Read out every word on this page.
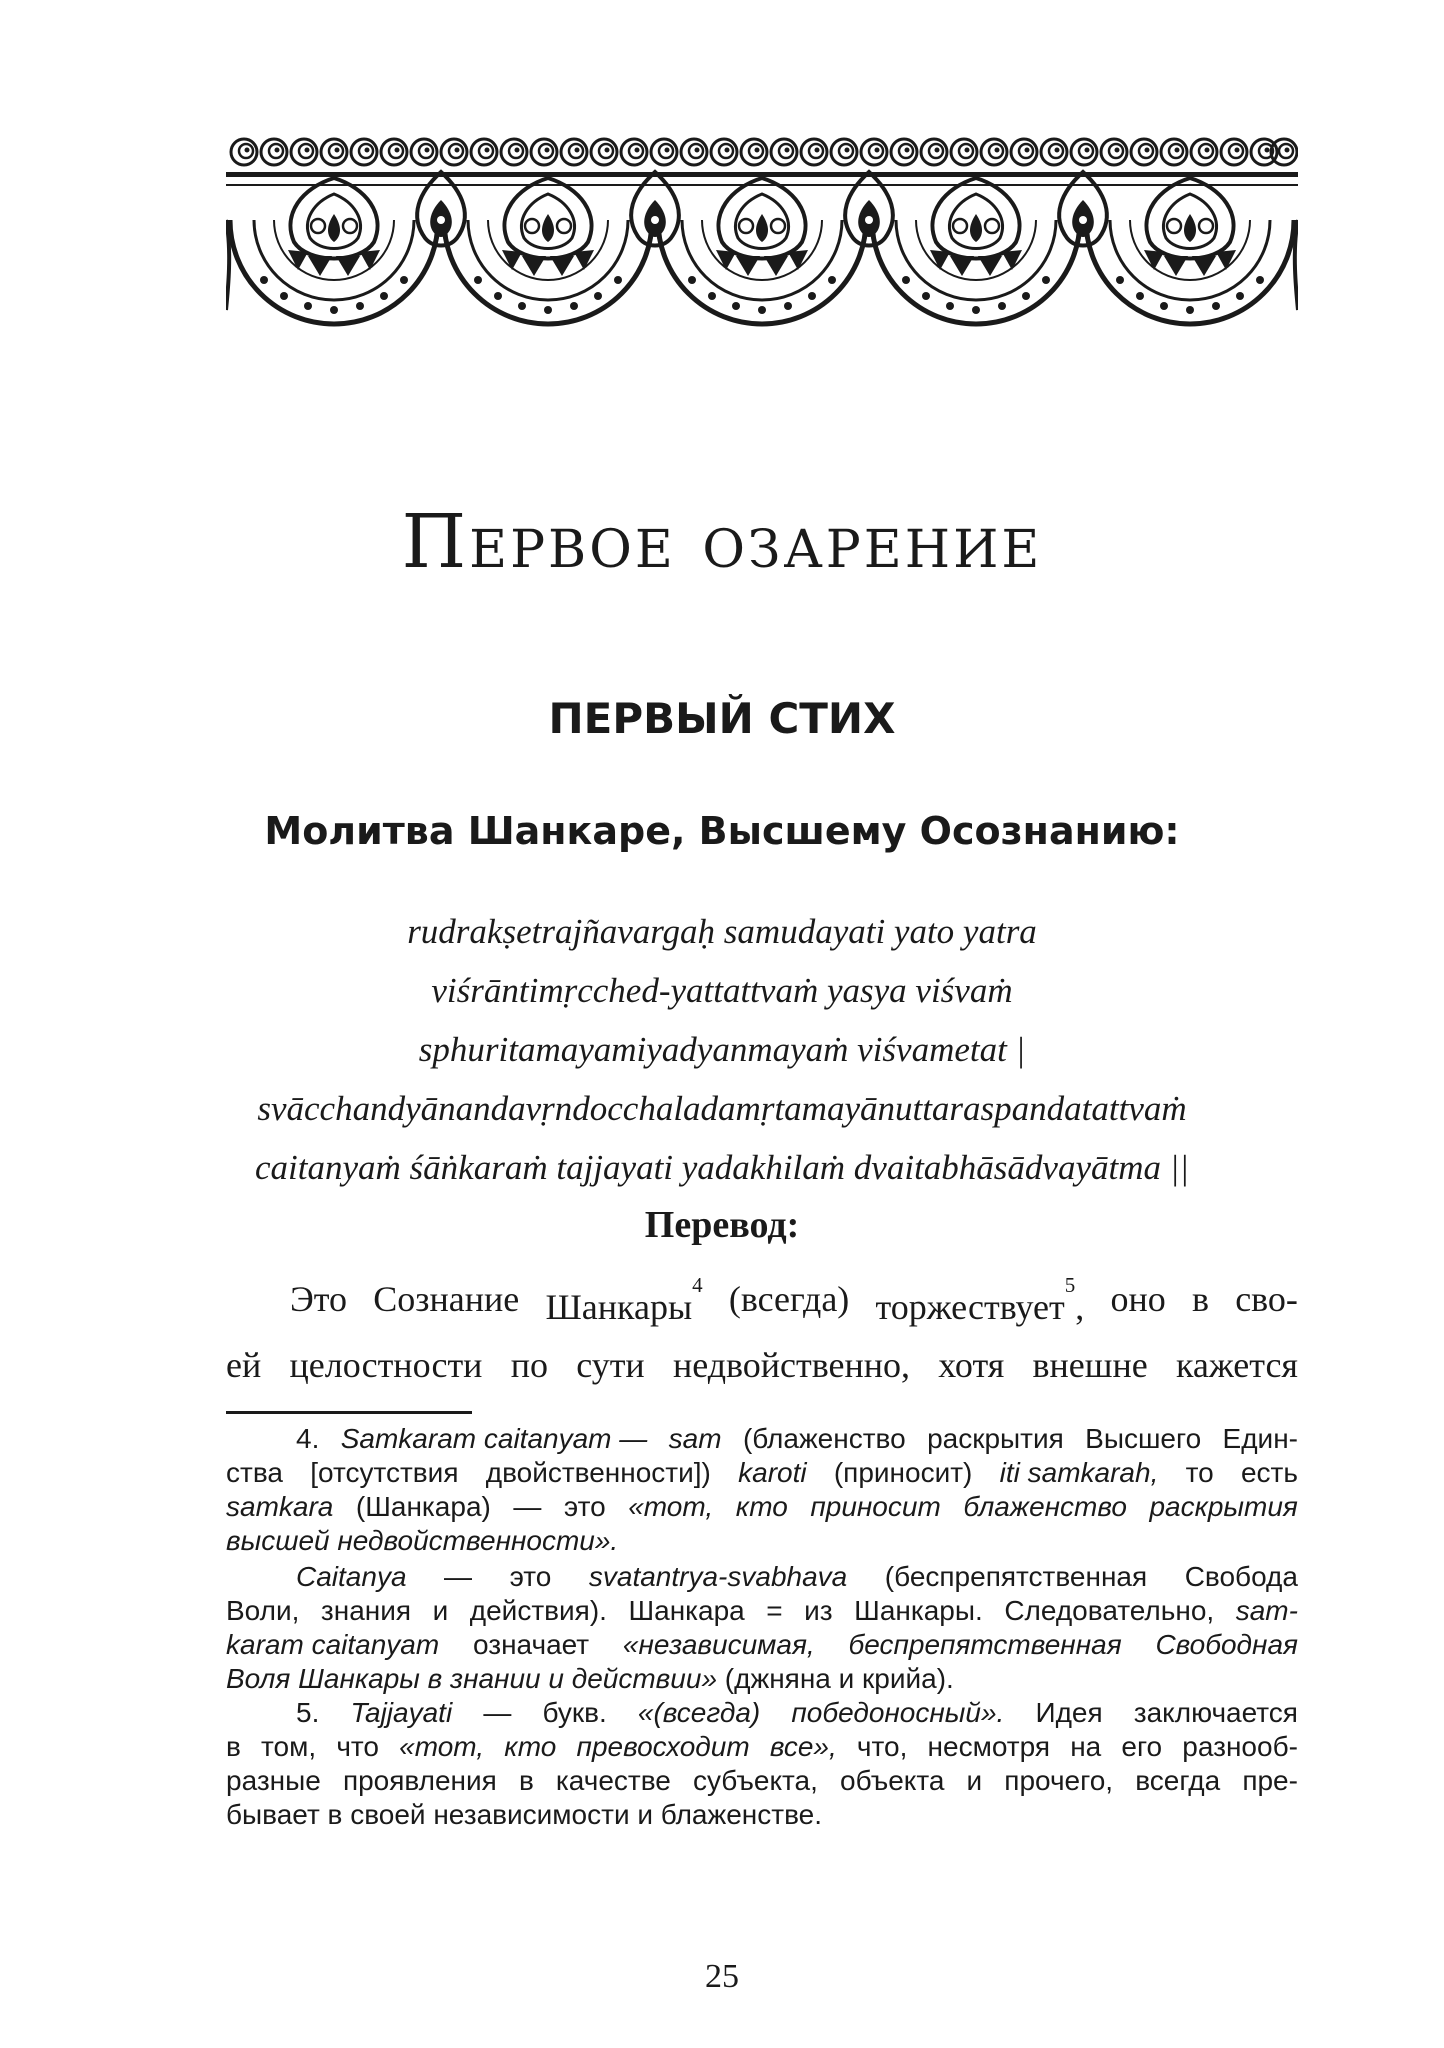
Первое озарение
ПЕРВЫЙ СТИХ
Молитва Шанкаре, Высшему Осознанию:
rudrakṣetrajñavargaḥ samudayati yato yatra
viśrāntimṛcched-yattattvaṁ yasya viśvaṁ
sphuritamayamiyadyanmayaṁ viśvametat |
svācchandyānandavṛndocchaladamṛtamayānuttaraspandatattvaṁ
caitanyaṁ śāṅkaraṁ tajjayati yadakhilaṁ dvaitabhāsādvayātma ||
Перевод:
Это Сознание Шанкары$^4$ (всегда) торжествует$^5$, оно в сво-
ей целостности по сути недвойственно, хотя внешне кажется
4. Samkaram caitanyam — sam (блаженство раскрытия Высшего Един-
ства [отсутствия двойственности]) karoti (приносит) iti samkarah, то есть
samkara (Шанкара) — это «тот, кто приносит блаженство раскрытия
высшей недвойственности».
Caitanya — это svatantrya-svabhava (беспрепятственная Свобода
Воли, знания и действия). Шанкара = из Шанкары. Следовательно, sam-
karam caitanyam означает «независимая, беспрепятственная Свободная
Воля Шанкары в знании и действии» (джняна и крийа).
5. Tajjayati — букв. «(всегда) победоносный». Идея заключается
в том, что «тот, кто превосходит все», что, несмотря на его разнооб-
разные проявления в качестве субъекта, объекта и прочего, всегда пре-
бывает в своей независимости и блаженстве.
25
